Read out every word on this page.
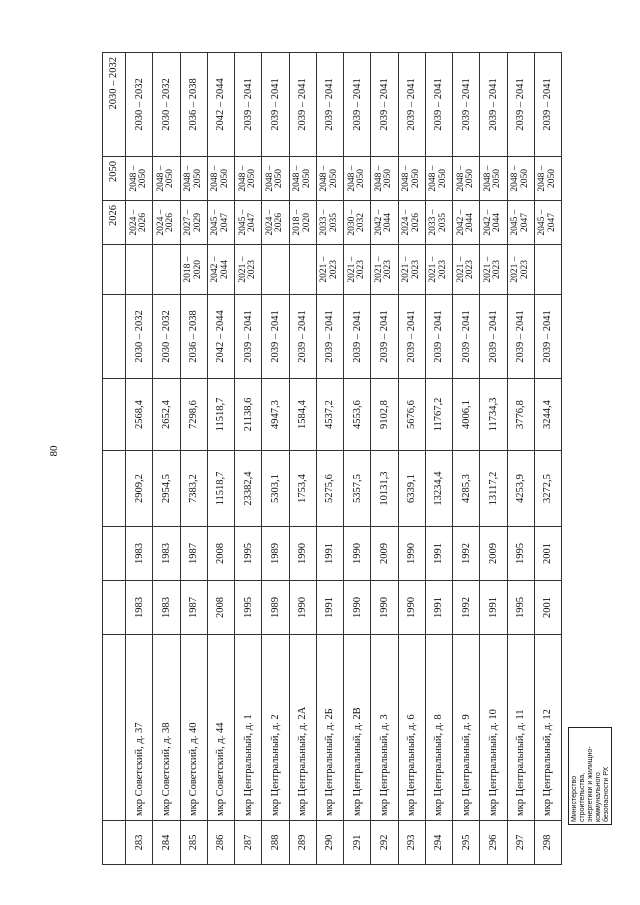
80
								2026	2050	2030 – 2032
283	мкр Советский, д. 37	1983	1983	2909,2	2568,4	2030 – 2032		2024 – 2026	2048 – 2050	2030 – 2032
284	мкр Советский, д. 38	1983	1983	2954,5	2652,4	2030 – 2032		2024 – 2026	2048 – 2050	2030 – 2032
285	мкр Советский, д. 40	1987	1987	7383,2	7298,6	2036 – 2038	2018 – 2020	2027 – 2029	2048 – 2050	2036 – 2038
286	мкр Советский, д. 44	2008	2008	11518,7	11518,7	2042 – 2044	2042 – 2044	2045 – 2047	2048 – 2050	2042 – 2044
287	мкр Центральный, д. 1	1995	1995	23382,4	21138,6	2039 – 2041	2021 – 2023	2045 – 2047	2048 – 2050	2039 – 2041
288	мкр Центральный, д. 2	1989	1989	5303,1	4947,3	2039 – 2041		2024 – 2026	2048 – 2050	2039 – 2041
289	мкр Центральный, д. 2А	1990	1990	1753,4	1584,4	2039 – 2041		2018 – 2020	2048 – 2050	2039 – 2041
290	мкр Центральный, д. 2Б	1991	1991	5275,6	4537,2	2039 – 2041	2021 – 2023	2033 – 2035	2048 – 2050	2039 – 2041
291	мкр Центральный, д. 2В	1990	1990	5357,5	4553,6	2039 – 2041	2021 – 2023	2030 – 2032	2048 – 2050	2039 – 2041
292	мкр Центральный, д. 3	1990	2009	10131,3	9102,8	2039 – 2041	2021 – 2023	2042 – 2044	2048 – 2050	2039 – 2041
293	мкр Центральный, д. 6	1990	1990	6339,1	5676,6	2039 – 2041	2021 – 2023	2024 – 2026	2048 – 2050	2039 – 2041
294	мкр Центральный, д. 8	1991	1991	13234,4	11767,2	2039 – 2041	2021 – 2023	2033 – 2035	2048 – 2050	2039 – 2041
295	мкр Центральный, д. 9	1992	1992	4285,3	4006,1	2039 – 2041	2021 – 2023	2042 – 2044	2048 – 2050	2039 – 2041
296	мкр Центральный, д. 10	1991	2009	13117,2	11734,3	2039 – 2041	2021 – 2023	2042 – 2044	2048 – 2050	2039 – 2041
297	мкр Центральный, д. 11	1995	1995	4253,9	3776,8	2039 – 2041	2021 – 2023	2045 – 2047	2048 – 2050	2039 – 2041
298	мкр Центральный, д. 12	2001	2001	3272,5	3244,4	2039 – 2041		2045 – 2047	2048 – 2050	2039 – 2041
Министерство строительства, энергетики и жилищно-коммунального безопасности РХ
